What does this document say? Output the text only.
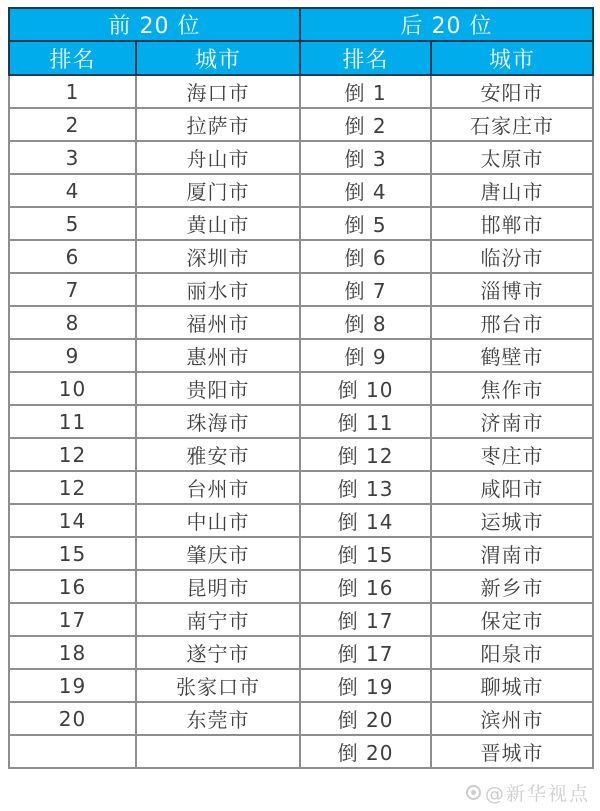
前 20 位		后 20 位	
排名	城市	排名	城市
1	海口市	倒 1	安阳市
2	拉萨市	倒 2	石家庄市
3	舟山市	倒 3	太原市
4	厦门市	倒 4	唐山市
5	黄山市	倒 5	邯郸市
6	深圳市	倒 6	临汾市
7	丽水市	倒 7	淄博市
8	福州市	倒 8	邢台市
9	惠州市	倒 9	鹤壁市
10	贵阳市	倒 10	焦作市
11	珠海市	倒 11	济南市
12	雅安市	倒 12	枣庄市
12	台州市	倒 13	咸阳市
14	中山市	倒 14	运城市
15	肇庆市	倒 15	渭南市
16	昆明市	倒 16	新乡市
17	南宁市	倒 17	保定市
18	遂宁市	倒 17	阳泉市
19	张家口市	倒 19	聊城市
20	东莞市	倒 20	滨州市
		倒 20	晋城市
@新华视点
